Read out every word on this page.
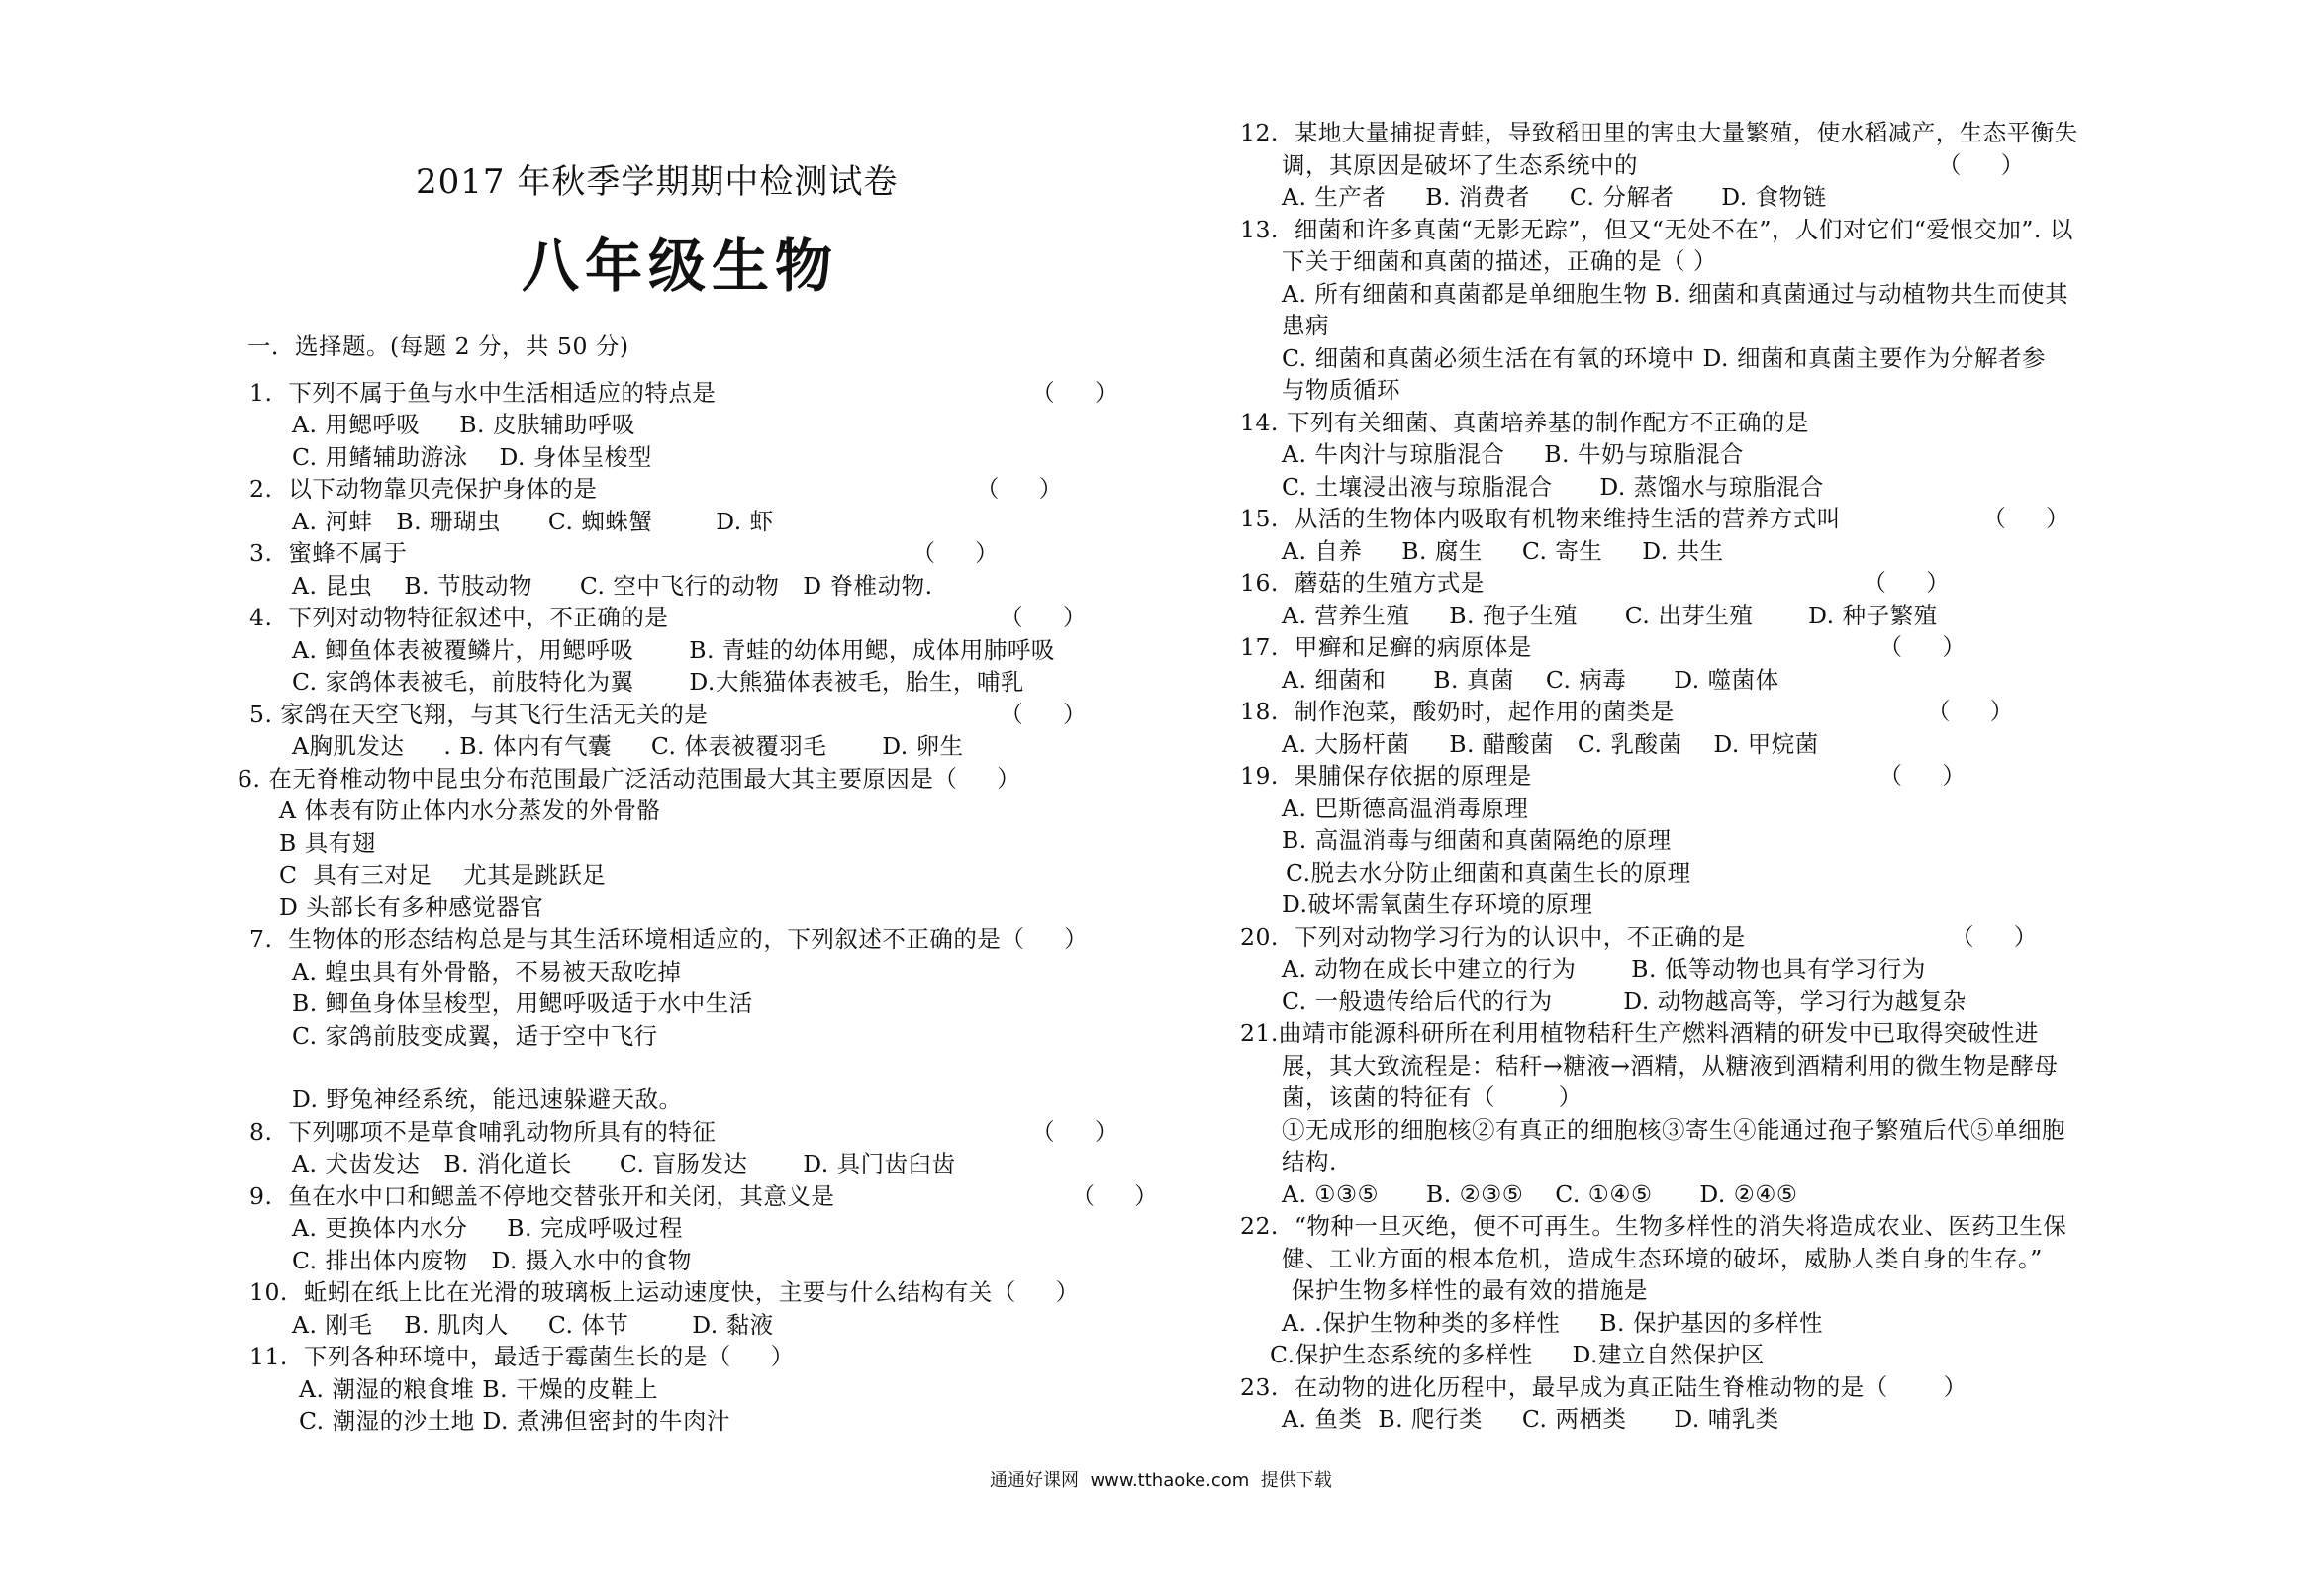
2017 年秋季学期期中检测试卷
八年级生物
一．选择题。(每题 2 分，共 50 分)
1.  下列不属于鱼与水中生活相适应的特点是                                        （     ）
A. 用鳃呼吸     B. 皮肤辅助呼吸
C. 用鳍辅助游泳    D. 身体呈梭型
2.  以下动物靠贝壳保护身体的是                                                （     ）
A. 河蚌   B. 珊瑚虫      C. 蜘蛛蟹        D. 虾
3.  蜜蜂不属于                                                                （     ）
A. 昆虫    B. 节肢动物      C. 空中飞行的动物   D 脊椎动物.
4.  下列对动物特征叙述中，不正确的是                                          （     ）
A. 鲫鱼体表被覆鳞片，用鳃呼吸       B. 青蛙的幼体用鳃，成体用肺呼吸
C. 家鸽体表被毛，前肢特化为翼       D.大熊猫体表被毛，胎生，哺乳
5. 家鸽在天空飞翔，与其飞行生活无关的是                                     （     ）
A胸肌发达     . B. 体内有气囊     C. 体表被覆羽毛       D. 卵生
6. 在无脊椎动物中昆虫分布范围最广泛活动范围最大其主要原因是（     ）
A 体表有防止体内水分蒸发的外骨骼
B 具有翅
C  具有三对足    尤其是跳跃足
D 头部长有多种感觉器官
7.  生物体的形态结构总是与其生活环境相适应的，下列叙述不正确的是（     ）
A. 蝗虫具有外骨骼，不易被天敌吃掉
B. 鲫鱼身体呈梭型，用鳃呼吸适于水中生活
C. 家鸽前肢变成翼，适于空中飞行
D. 野兔神经系统，能迅速躲避天敌。
8.  下列哪项不是草食哺乳动物所具有的特征                                        （     ）
A. 犬齿发达   B. 消化道长      C. 盲肠发达       D. 具门齿臼齿
9.  鱼在水中口和鳃盖不停地交替张开和关闭，其意义是                              （     ）
A. 更换体内水分     B. 完成呼吸过程
C. 排出体内废物   D. 摄入水中的食物
10.  蚯蚓在纸上比在光滑的玻璃板上运动速度快，主要与什么结构有关（     ）
A. 刚毛    B. 肌肉人     C. 体节        D. 黏液
11.  下列各种环境中，最适于霉菌生长的是（     ）
A. 潮湿的粮食堆 B. 干燥的皮鞋上
C. 潮湿的沙土地 D. 煮沸但密封的牛肉汁
12.  某地大量捕捉青蛙，导致稻田里的害虫大量繁殖，使水稻减产，生态平衡失
调，其原因是破坏了生态系统中的                                      （     ）
A. 生产者     B. 消费者     C. 分解者      D. 食物链
13.  细菌和许多真菌“无影无踪”，但又“无处不在”，人们对它们“爱恨交加”. 以
下关于细菌和真菌的描述，正确的是（ ）
A. 所有细菌和真菌都是单细胞生物 B. 细菌和真菌通过与动植物共生而使其
患病
C. 细菌和真菌必须生活在有氧的环境中 D. 细菌和真菌主要作为分解者参
与物质循环
14. 下列有关细菌、真菌培养基的制作配方不正确的是
A. 牛肉汁与琼脂混合     B. 牛奶与琼脂混合
C. 土壤浸出液与琼脂混合      D. 蒸馏水与琼脂混合
15.  从活的生物体内吸取有机物来维持生活的营养方式叫                  （     ）
A. 自养     B. 腐生     C. 寄生     D. 共生
16.  蘑菇的生殖方式是                                                （     ）
A. 营养生殖     B. 孢子生殖      C. 出芽生殖       D. 种子繁殖
17.  甲癣和足癣的病原体是                                            （     ）
A. 细菌和      B. 真菌    C. 病毒      D. 噬菌体
18.  制作泡菜，酸奶时，起作用的菌类是                                （     ）
A. 大肠杆菌     B. 醋酸菌   C. 乳酸菌    D. 甲烷菌
19.  果脯保存依据的原理是                                            （     ）
A. 巴斯德高温消毒原理
B. 高温消毒与细菌和真菌隔绝的原理
C.脱去水分防止细菌和真菌生长的原理
D.破坏需氧菌生存环境的原理
20.  下列对动物学习行为的认识中，不正确的是                          （     ）
A. 动物在成长中建立的行为       B. 低等动物也具有学习行为
C. 一般遗传给后代的行为         D. 动物越高等，学习行为越复杂
21.曲靖市能源科研所在利用植物秸秆生产燃料酒精的研发中已取得突破性进
展，其大致流程是：秸秆→糖液→酒精，从糖液到酒精利用的微生物是酵母
菌，该菌的特征有（        ）
①无成形的细胞核②有真正的细胞核③寄生④能通过孢子繁殖后代⑤单细胞
结构.
A. ①③⑤      B. ②③⑤    C. ①④⑤      D. ②④⑤
22.  “物种一旦灭绝，便不可再生。生物多样性的消失将造成农业、医药卫生保
健、工业方面的根本危机，造成生态环境的破坏，威胁人类自身的生存。”
保护生物多样性的最有效的措施是
A. .保护生物种类的多样性     B. 保护基因的多样性
C.保护生态系统的多样性     D.建立自然保护区
23.  在动物的进化历程中，最早成为真正陆生脊椎动物的是（       ）
A. 鱼类  B. 爬行类     C. 两栖类      D. 哺乳类
通通好课网  www.tthaoke.com  提供下载
